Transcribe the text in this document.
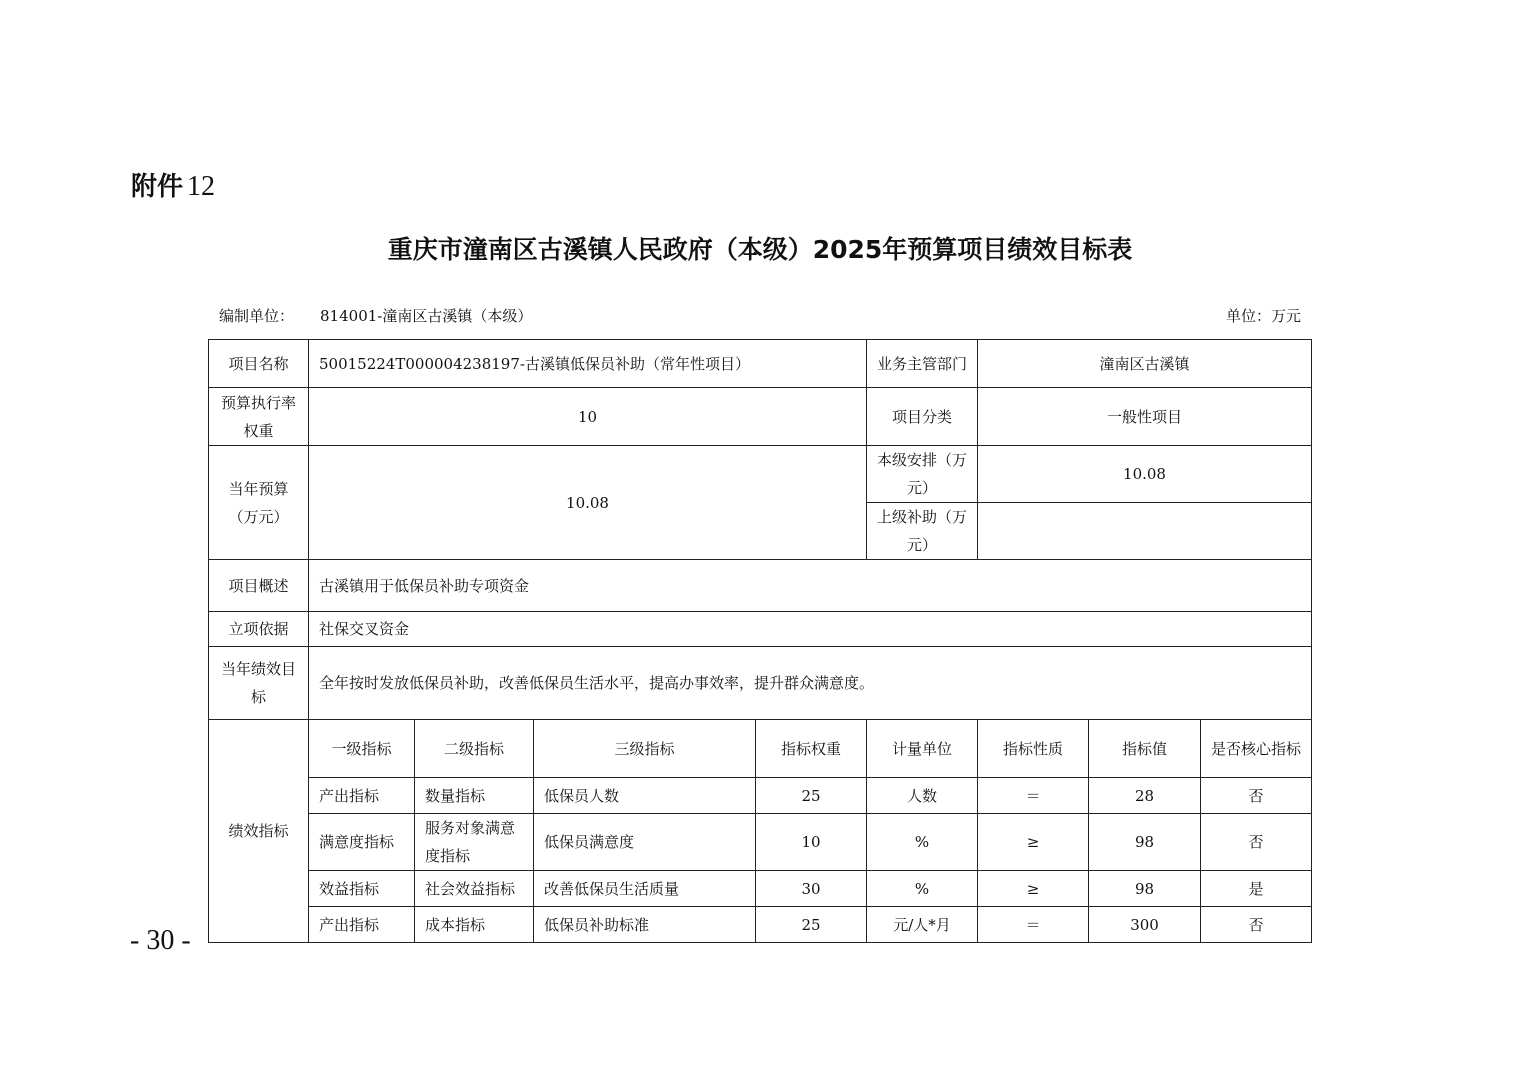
附件 12
重庆市潼南区古溪镇人民政府（本级）2025年预算项目绩效目标表
编制单位： 814001-潼南区古溪镇（本级）	单位：万元
项目名称	50015224T000004238197-古溪镇低保员补助（常年性项目）				业务主管部门	潼南区古溪镇		
预算执行率权重	10				项目分类	一般性项目		
当年预算（万元）	10.08				本级安排（万元）	10.08		
					上级补助（万元）			
项目概述	古溪镇用于低保员补助专项资金							
立项依据	社保交叉资金							
当年绩效目标	全年按时发放低保员补助，改善低保员生活水平，提高办事效率，提升群众满意度。							
绩效指标	一级指标	二级指标	三级指标	指标权重	计量单位	指标性质	指标值	是否核心指标
	产出指标	数量指标	低保员人数	25	人数	＝	28	否
	满意度指标	服务对象满意度指标	低保员满意度	10	%	≥	98	否
	效益指标	社会效益指标	改善低保员生活质量	30	%	≥	98	是
	产出指标	成本指标	低保员补助标准	25	元/人*月	＝	300	否
- 30 -
